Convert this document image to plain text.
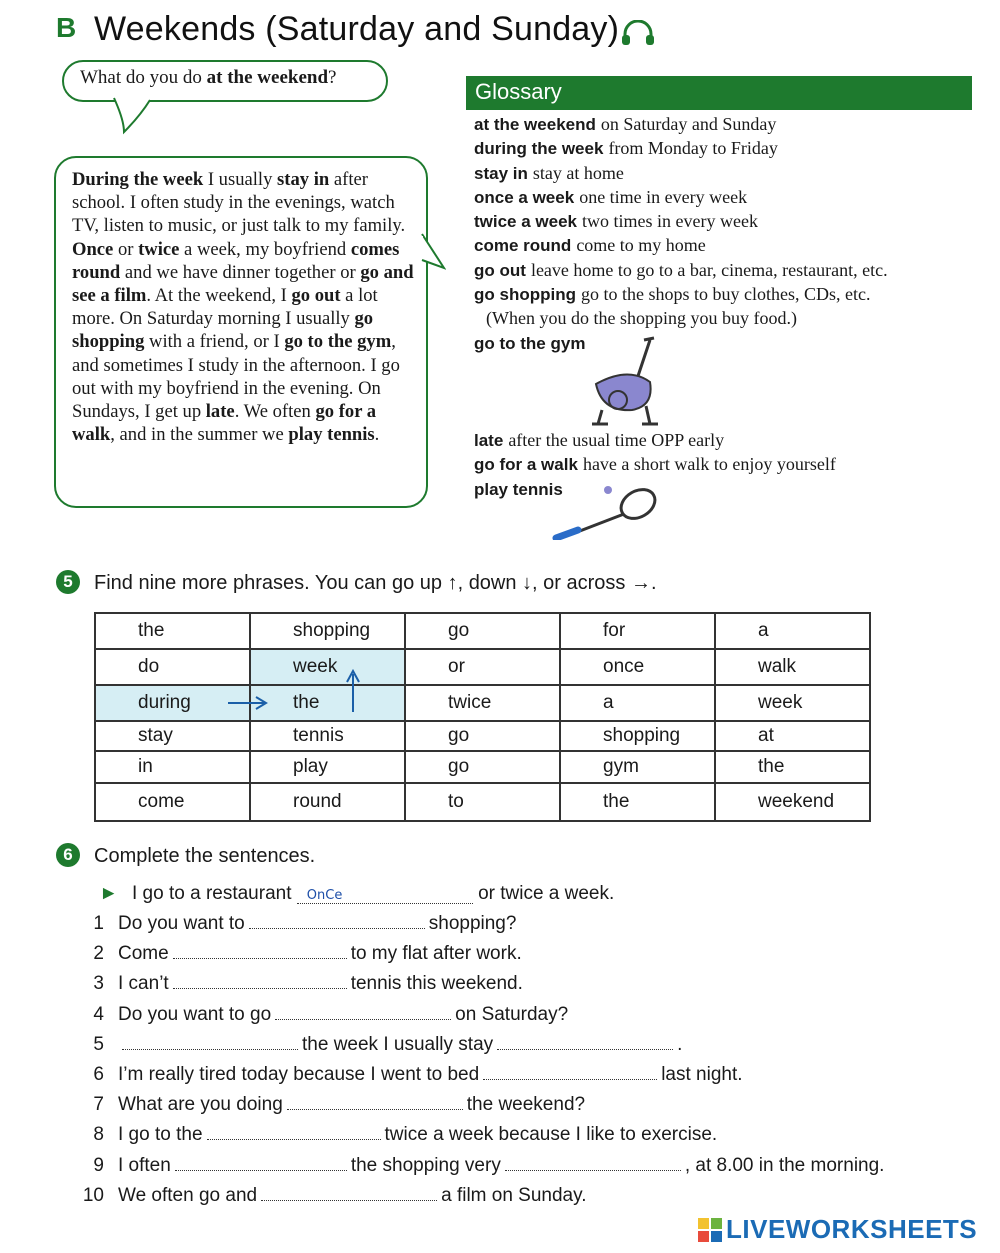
B Weekends (Saturday and Sunday)
What do you do at the weekend?
During the week I usually stay in after school. I often study in the evenings, watch TV, listen to music, or just talk to my family. Once or twice a week, my boyfriend comes round and we have dinner together or go and see a film. At the weekend, I go out a lot more. On Saturday morning I usually go shopping with a friend, or I go to the gym, and sometimes I study in the afternoon. I go out with my boyfriend in the evening. On Sundays, I get up late. We often go for a walk, and in the summer we play tennis.
Glossary
at the weekend on Saturday and Sunday
during the week from Monday to Friday
stay in stay at home
once a week one time in every week
twice a week two times in every week
come round come to my home
go out leave home to go to a bar, cinema, restaurant, etc.
go shopping go to the shops to buy clothes, CDs, etc.
(When you do the shopping you buy food.)
go to the gym
late after the usual time OPP early
go for a walk have a short walk to enjoy yourself
play tennis
5	Find nine more phrases. You can go up ↑, down ↓, or across →.
the	shopping	go	for	a
do	week	or	once	walk
during	the	twice	a	week
stay	tennis	go	shopping	at
in	play	go	gym	the
come	round	to	the	weekend
6	Complete the sentences.
► I go to a restaurant OnCe	or twice a week.
1 Do you want to	shopping?
2 Come	to my flat after work.
3 I can’t	tennis this weekend.
4 Do you want to go	on Saturday?
5	the week I usually stay	.
6 I’m really tired today because I went to bed	last night.
7 What are you doing	the weekend?
8 I go to the	twice a week because I like to exercise.
9 I often	the shopping very	, at 8.00 in the morning.
10 We often go and	a film on Sunday.
LIVEWORKSHEETS
